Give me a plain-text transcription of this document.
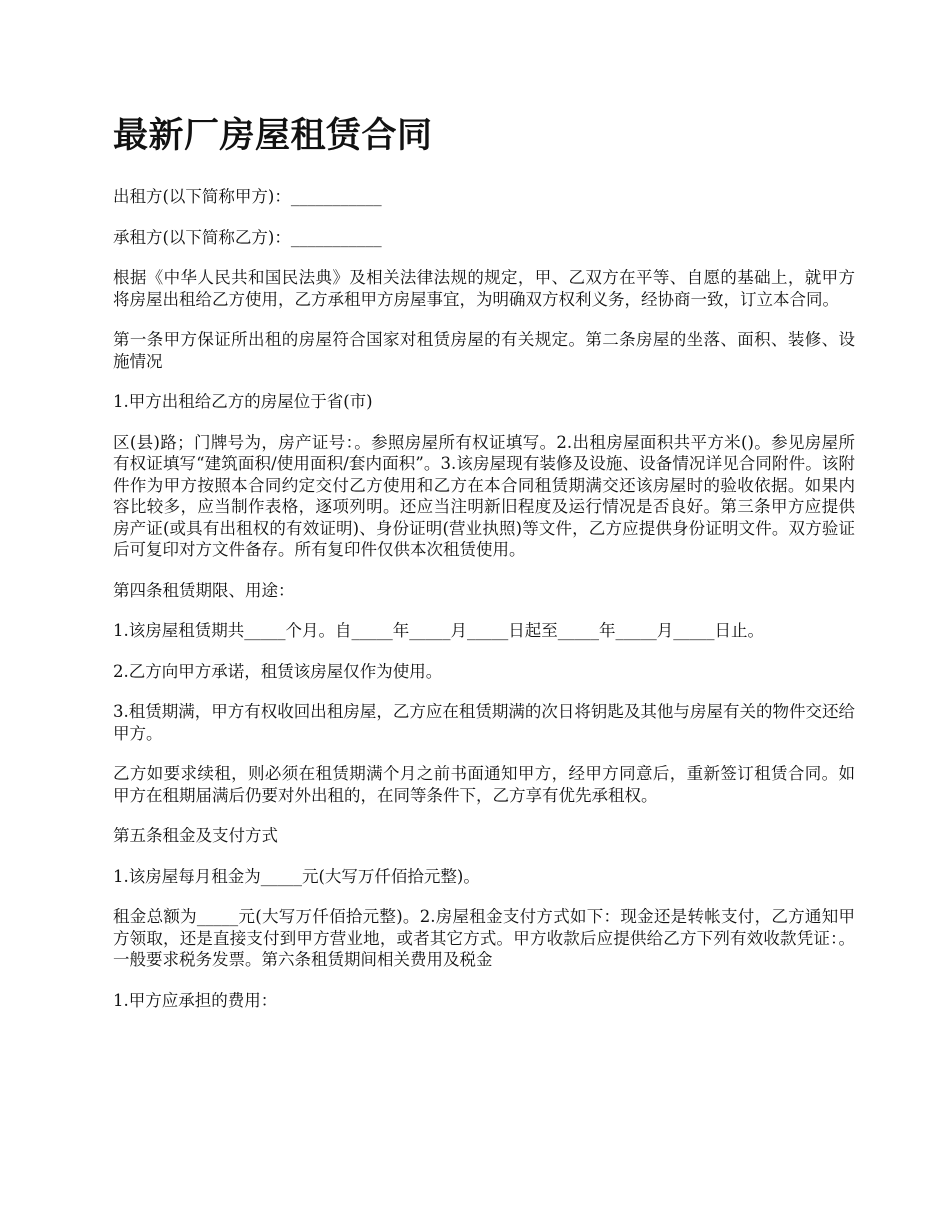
最新厂房屋租赁合同

出租方(以下简称甲方)：___________

承租方(以下简称乙方)：___________

根据《中华人民共和国民法典》及相关法律法规的规定，甲、乙双方在平等、自愿的基础上，就甲方将房屋出租给乙方使用，乙方承租甲方房屋事宜，为明确双方权利义务，经协商一致，订立本合同。

第一条甲方保证所出租的房屋符合国家对租赁房屋的有关规定。第二条房屋的坐落、面积、装修、设施情况

1.甲方出租给乙方的房屋位于省(市)

区(县)路；门牌号为，房产证号：。参照房屋所有权证填写。2.出租房屋面积共平方米()。参见房屋所有权证填写“建筑面积/使用面积/套内面积”。3.该房屋现有装修及设施、设备情况详见合同附件。该附件作为甲方按照本合同约定交付乙方使用和乙方在本合同租赁期满交还该房屋时的验收依据。如果内容比较多，应当制作表格，逐项列明。还应当注明新旧程度及运行情况是否良好。第三条甲方应提供房产证(或具有出租权的有效证明)、身份证明(营业执照)等文件，乙方应提供身份证明文件。双方验证后可复印对方文件备存。所有复印件仅供本次租赁使用。

第四条租赁期限、用途：

1.该房屋租赁期共_____个月。自_____年_____月_____日起至_____年_____月_____日止。

2.乙方向甲方承诺，租赁该房屋仅作为使用。

3.租赁期满，甲方有权收回出租房屋，乙方应在租赁期满的次日将钥匙及其他与房屋有关的物件交还给甲方。

乙方如要求续租，则必须在租赁期满个月之前书面通知甲方，经甲方同意后，重新签订租赁合同。如甲方在租期届满后仍要对外出租的，在同等条件下，乙方享有优先承租权。

第五条租金及支付方式

1.该房屋每月租金为_____元(大写万仟佰拾元整)。

租金总额为_____元(大写万仟佰拾元整)。2.房屋租金支付方式如下：现金还是转帐支付，乙方通知甲方领取，还是直接支付到甲方营业地，或者其它方式。甲方收款后应提供给乙方下列有效收款凭证：。一般要求税务发票。第六条租赁期间相关费用及税金

1.甲方应承担的费用：
